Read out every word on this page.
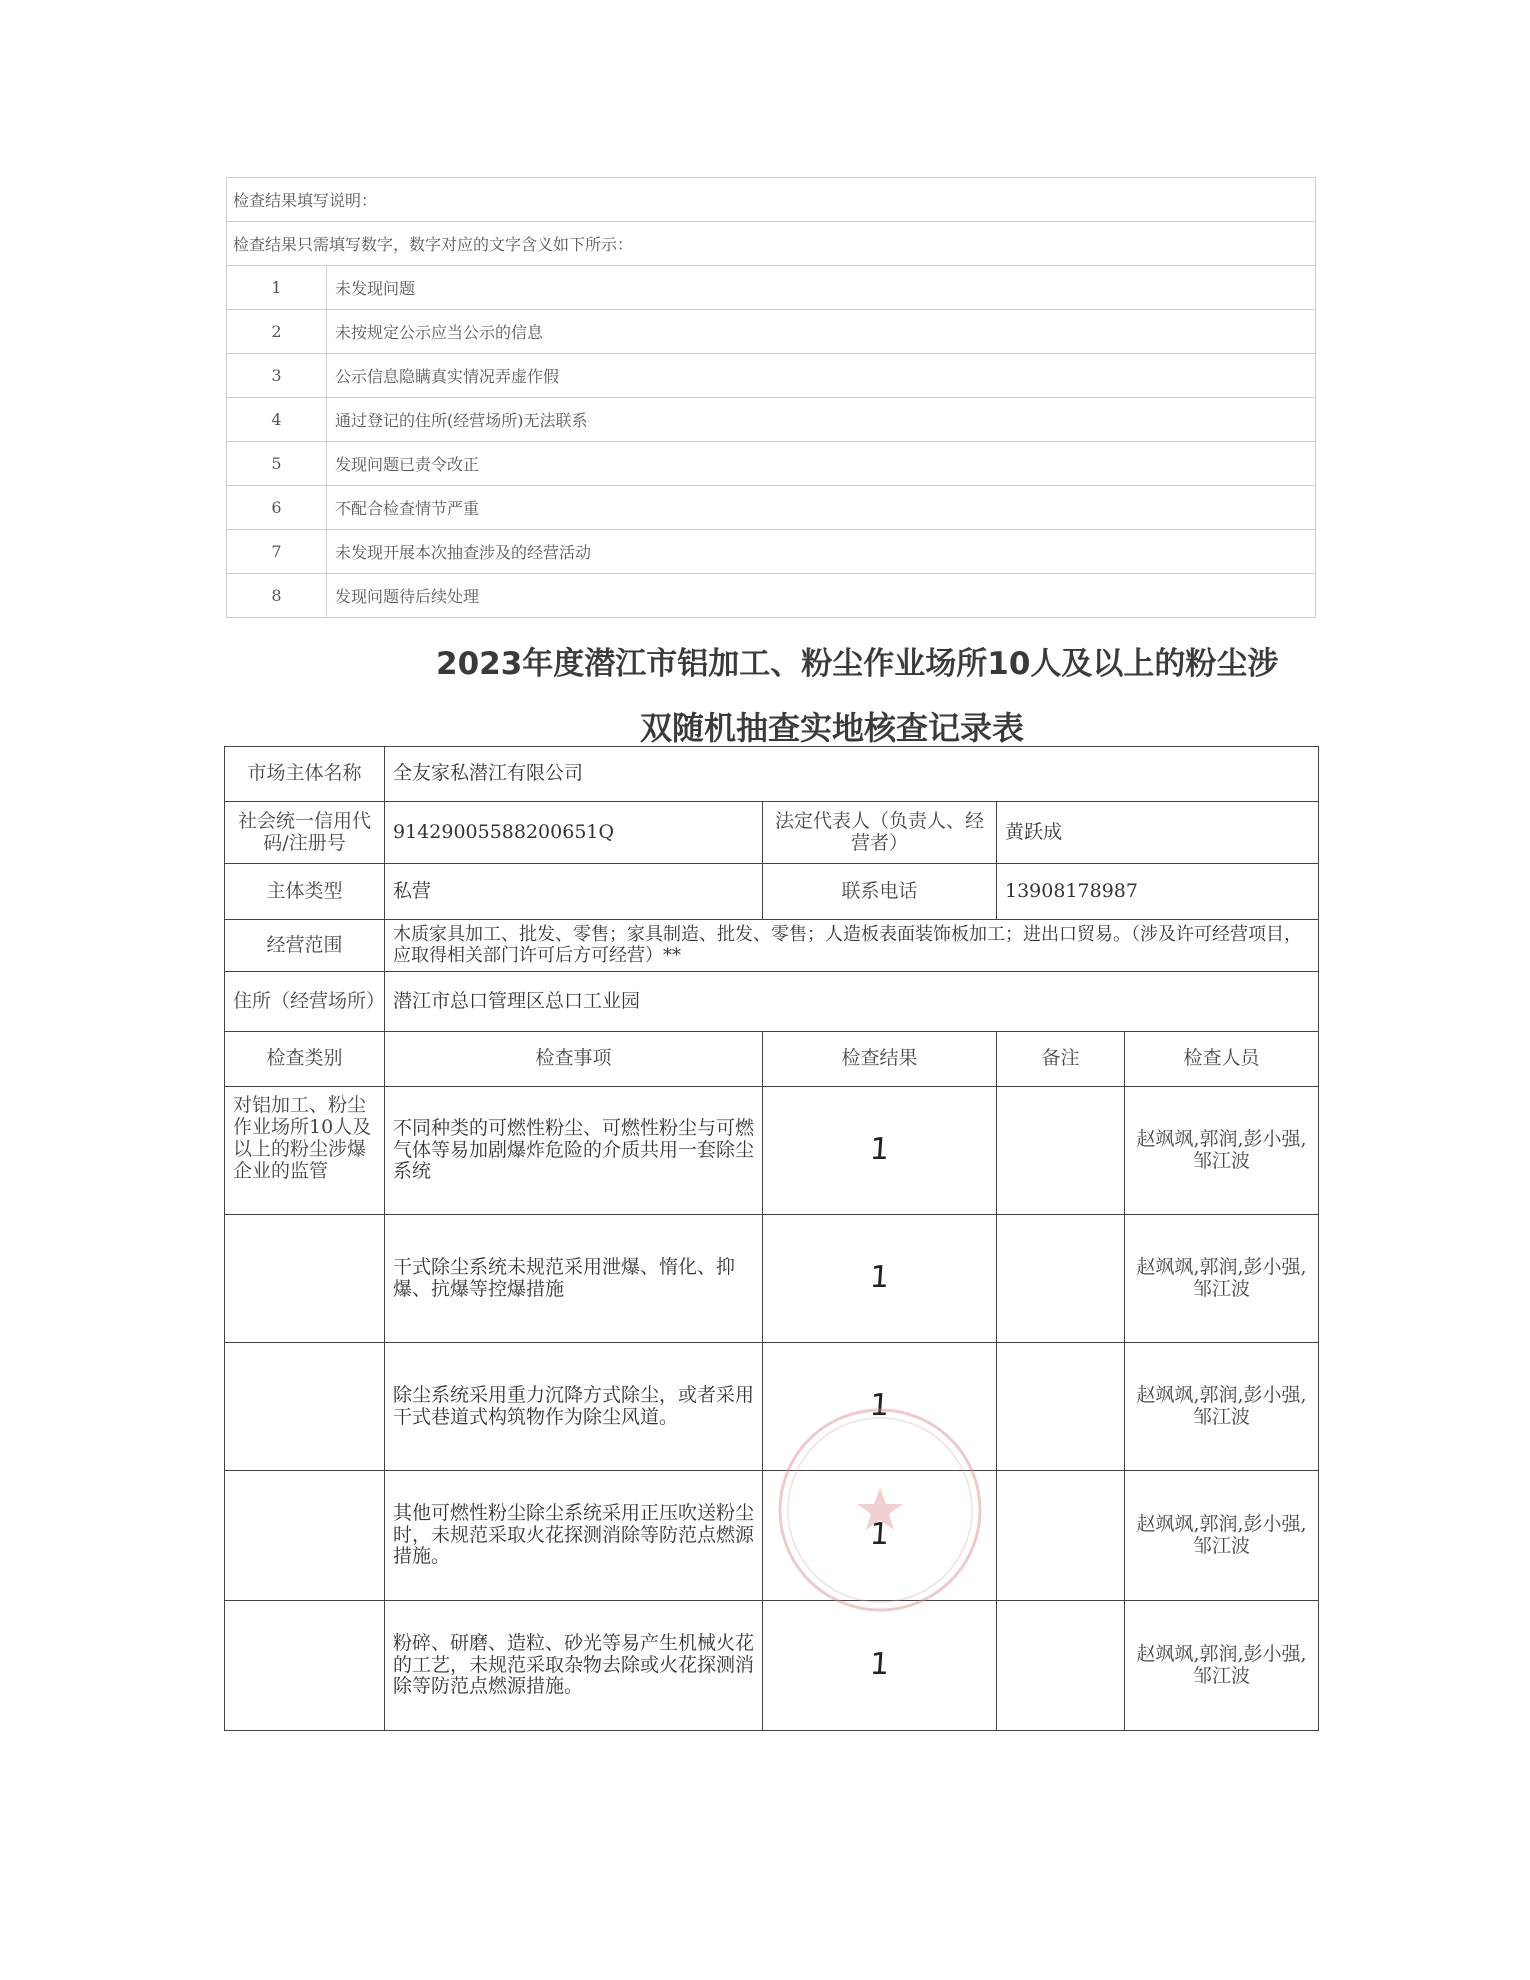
检查结果填写说明：	
检查结果只需填写数字，数字对应的文字含义如下所示：	
1	未发现问题
2	未按规定公示应当公示的信息
3	公示信息隐瞒真实情况弄虚作假
4	通过登记的住所(经营场所)无法联系
5	发现问题已责令改正
6	不配合检查情节严重
7	未发现开展本次抽查涉及的经营活动
8	发现问题待后续处理
2023年度潜江市铝加工、粉尘作业场所10人及以上的粉尘涉
双随机抽查实地核查记录表
市场主体名称	全友家私潜江有限公司			
社会统一信用代码/注册号	91429005588200651Q	法定代表人（负责人、经营者）	黄跃成	
主体类型	私营	联系电话	13908178987	
经营范围	木质家具加工、批发、零售；家具制造、批发、零售；人造板表面装饰板加工；进出口贸易。（涉及许可经营项目，应取得相关部门许可后方可经营）**			
住所（经营场所）	潜江市总口管理区总口工业园			
检查类别	检查事项	检查结果	备注	检查人员
对铝加工、粉尘作业场所10人及以上的粉尘涉爆企业的监管	不同种类的可燃性粉尘、可燃性粉尘与可燃气体等易加剧爆炸危险的介质共用一套除尘系统	1		赵飒飒,郭润,彭小强,邹江波
	干式除尘系统未规范采用泄爆、惰化、抑爆、抗爆等控爆措施	1		赵飒飒,郭润,彭小强,邹江波
	除尘系统采用重力沉降方式除尘，或者采用干式巷道式构筑物作为除尘风道。	1		赵飒飒,郭润,彭小强,邹江波
	其他可燃性粉尘除尘系统采用正压吹送粉尘时，未规范采取火花探测消除等防范点燃源措施。	1		赵飒飒,郭润,彭小强,邹江波
	粉碎、研磨、造粒、砂光等易产生机械火花的工艺，未规范采取杂物去除或火花探测消除等防范点燃源措施。	1		赵飒飒,郭润,彭小强,邹江波
